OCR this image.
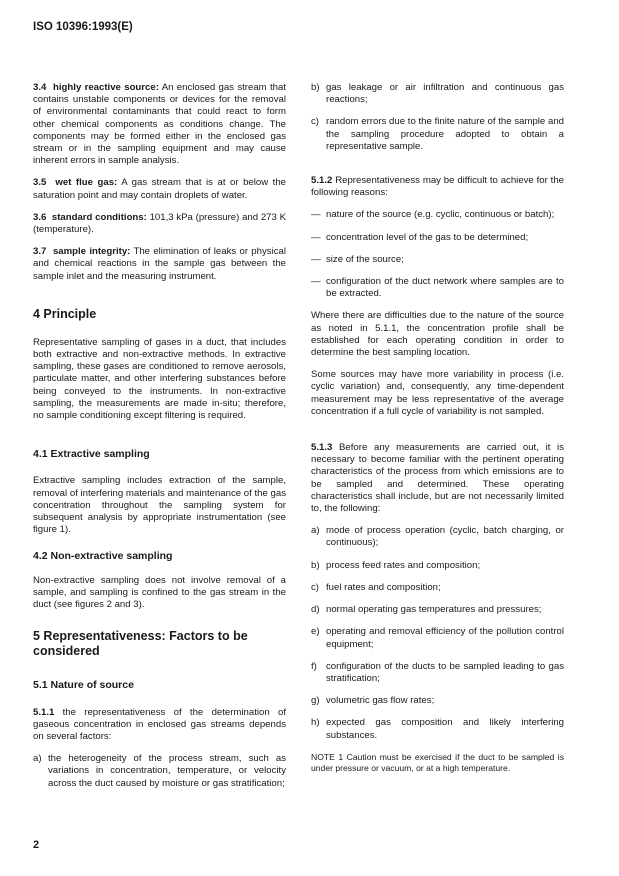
ISO 10396:1993(E)

3.4 highly reactive source: An enclosed gas stream that contains unstable components or devices for the removal of environmental contaminants that could react to form other chemical components as conditions change. The components may be formed either in the enclosed gas stream or in the sampling equipment and may cause inherent errors in sample analysis.

3.5 wet flue gas: A gas stream that is at or below the saturation point and may contain droplets of water.

3.6 standard conditions: 101,3 kPa (pressure) and 273 K (temperature).

3.7 sample integrity: The elimination of leaks or physical and chemical reactions in the sample gas between the sample inlet and the measuring instrument.

4 Principle

Representative sampling of gases in a duct, that includes both extractive and non-extractive methods. In extractive sampling, these gases are conditioned to remove aerosols, particulate matter, and other interfering substances before being conveyed to the instruments. In non-extractive sampling, the measurements are made in-situ; therefore, no sample conditioning except filtering is required.

4.1 Extractive sampling

Extractive sampling includes extraction of the sample, removal of interfering materials and maintenance of the gas concentration throughout the sampling system for subsequent analysis by appropriate instrumentation (see figure 1).

4.2 Non-extractive sampling

Non-extractive sampling does not involve removal of a sample, and sampling is confined to the gas stream in the duct (see figures 2 and 3).

5 Representativeness: Factors to be considered
5.1 Nature of source

5.1.1 the representativeness of the determination of gaseous concentration in enclosed gas streams depends on several factors:

a) the heterogeneity of the process stream, such as variations in concentration, temperature, or velocity across the duct caused by moisture or gas stratification;
b) gas leakage or air infiltration and continuous gas reactions;
c) random errors due to the finite nature of the sample and the sampling procedure adopted to obtain a representative sample.

5.1.2 Representativeness may be difficult to achieve for the following reasons:

— nature of the source (e.g. cyclic, continuous or batch);
— concentration level of the gas to be determined;
— size of the source;
— configuration of the duct network where samples are to be extracted.

Where there are difficulties due to the nature of the source as noted in 5.1.1, the concentration profile shall be established for each operating condition in order to determine the best sampling location.

Some sources may have more variability in process (i.e. cyclic variation) and, consequently, any time-dependent measurement may be less representative of the average concentration if a full cycle of variability is not sampled.

5.1.3 Before any measurements are carried out, it is necessary to become familiar with the pertinent operating characteristics of the process from which emissions are to be sampled and determined. These operating characteristics shall include, but are not necessarily limited to, the following:

a) mode of process operation (cyclic, batch charging, or continuous);
b) process feed rates and composition;
c) fuel rates and composition;
d) normal operating gas temperatures and pressures;
e) operating and removal efficiency of the pollution control equipment;
f) configuration of the ducts to be sampled leading to gas stratification;
g) volumetric gas flow rates;
h) expected gas composition and likely interfering substances.

NOTE 1 Caution must be exercised if the duct to be sampled is under pressure or vacuum, or at a high temperature.

2
